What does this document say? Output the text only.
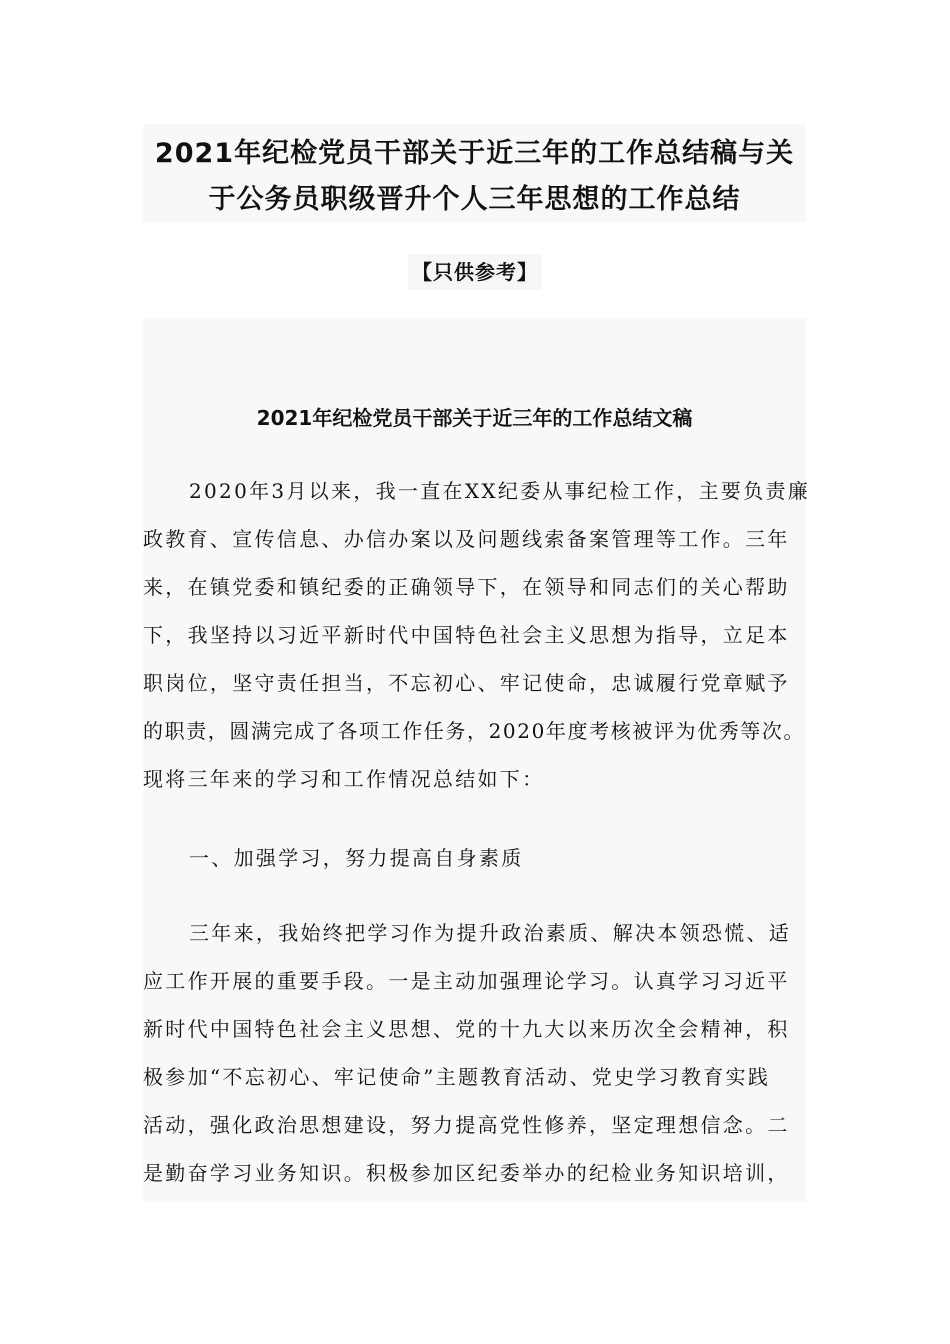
2021年纪检党员干部关于近三年的工作总结稿与关
于公务员职级晋升个人三年思想的工作总结
【只供参考】
2021年纪检党员干部关于近三年的工作总结文稿
2020年3月以来，我一直在XX纪委从事纪检工作，主要负责廉
政教育、宣传信息、办信办案以及问题线索备案管理等工作。三年
来，在镇党委和镇纪委的正确领导下，在领导和同志们的关心帮助
下，我坚持以习近平新时代中国特色社会主义思想为指导，立足本
职岗位，坚守责任担当，不忘初心、牢记使命，忠诚履行党章赋予
的职责，圆满完成了各项工作任务，2020年度考核被评为优秀等次。
现将三年来的学习和工作情况总结如下：
一、加强学习，努力提高自身素质
三年来，我始终把学习作为提升政治素质、解决本领恐慌、适
应工作开展的重要手段。一是主动加强理论学习。认真学习习近平
新时代中国特色社会主义思想、党的十九大以来历次全会精神，积
极参加“不忘初心、牢记使命”主题教育活动、党史学习教育实践
活动，强化政治思想建设，努力提高党性修养，坚定理想信念。二
是勤奋学习业务知识。积极参加区纪委举办的纪检业务知识培训，
